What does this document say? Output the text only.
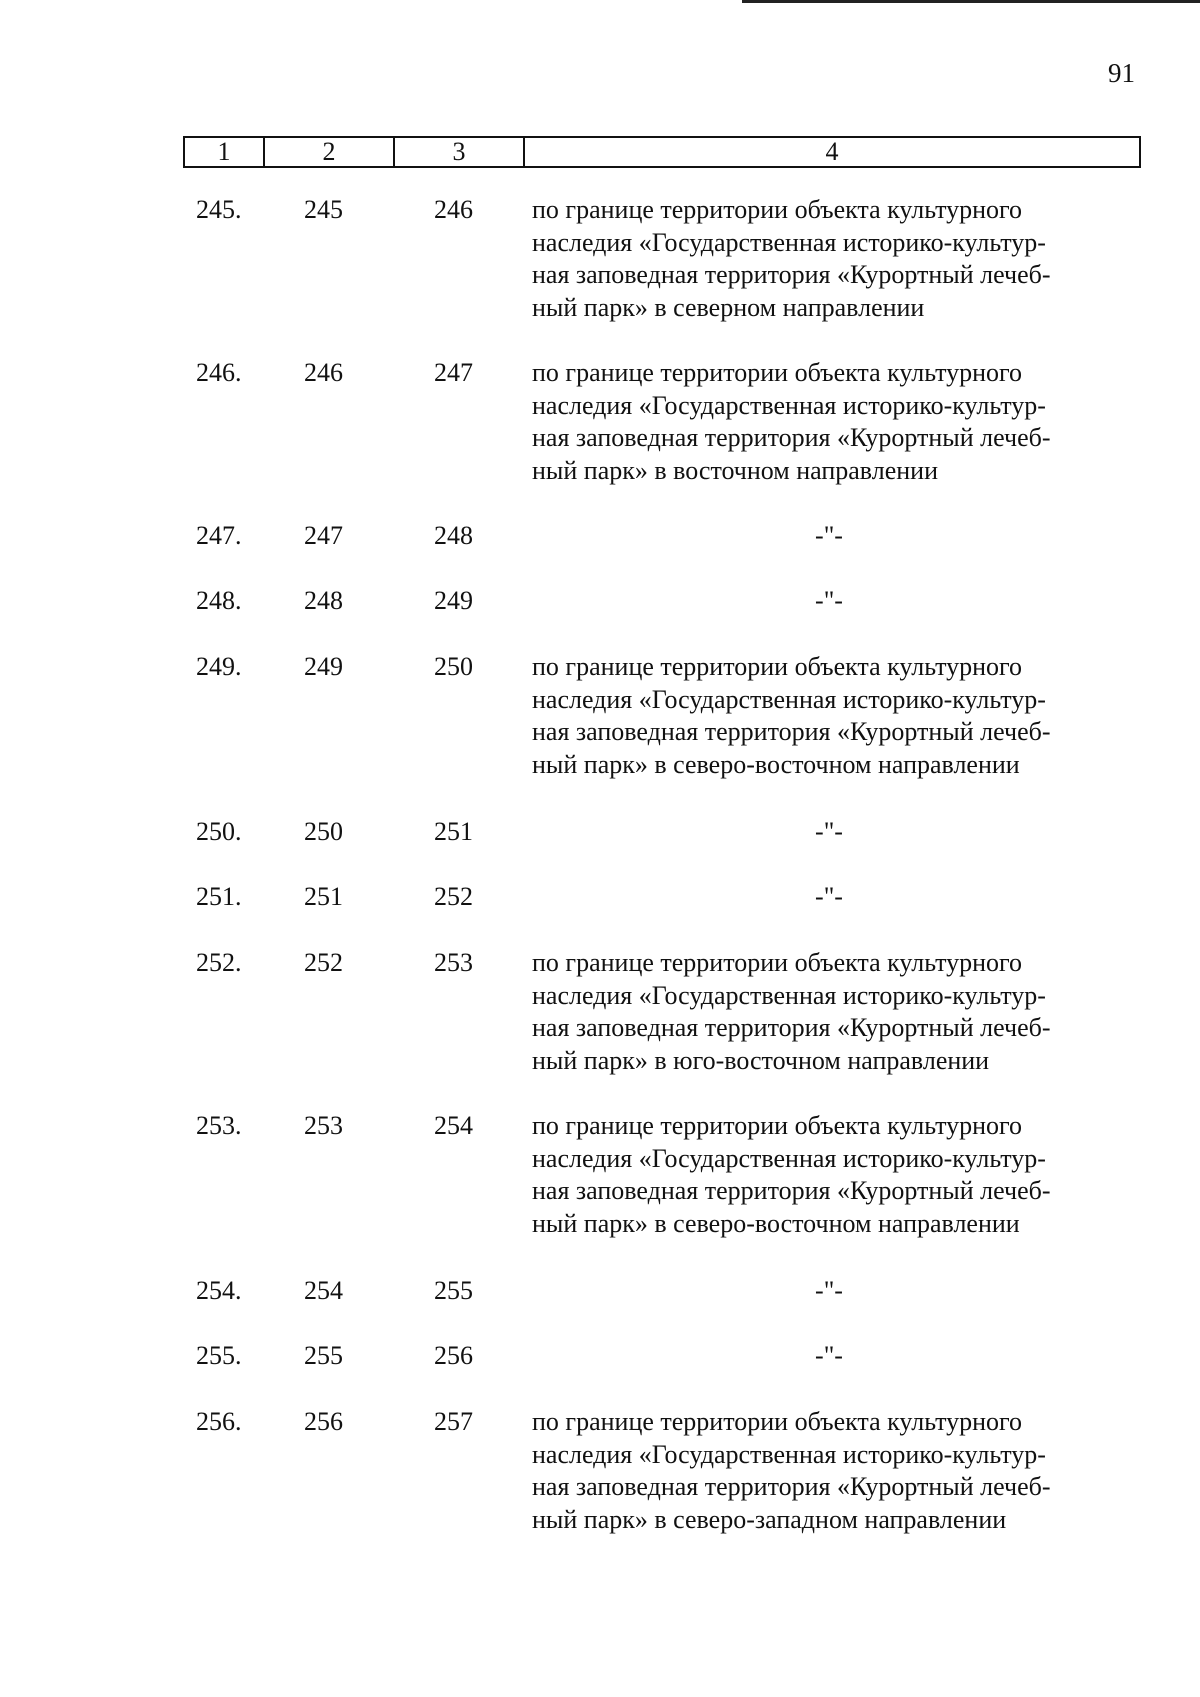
91
1	2	3	4
245. 245	246 по границе территории объекта культурного
наследия «Государственная историко-культур-
ная заповедная территория «Курортный лечеб-
ный парк» в северном направлении
246. 246	247 по границе территории объекта культурного
наследия «Государственная историко-культур-
ная заповедная территория «Курортный лечеб-
ный парк» в восточном направлении
247. 247	248	-"-
248. 248	249	-"-
249. 249	250 по границе территории объекта культурного
наследия «Государственная историко-культур-
ная заповедная территория «Курортный лечеб-
ный парк» в северо-восточном направлении
250. 250	251	-"-
251. 251	252	-"-
252. 252	253 по границе территории объекта культурного
наследия «Государственная историко-культур-
ная заповедная территория «Курортный лечеб-
ный парк» в юго-восточном направлении
253. 253	254 по границе территории объекта культурного
наследия «Государственная историко-культур-
ная заповедная территория «Курортный лечеб-
ный парк» в северо-восточном направлении
254. 254	255	-"-
255. 255	256	-"-
256. 256	257 по границе территории объекта культурного
наследия «Государственная историко-культур-
ная заповедная территория «Курортный лечеб-
ный парк» в северо-западном направлении
